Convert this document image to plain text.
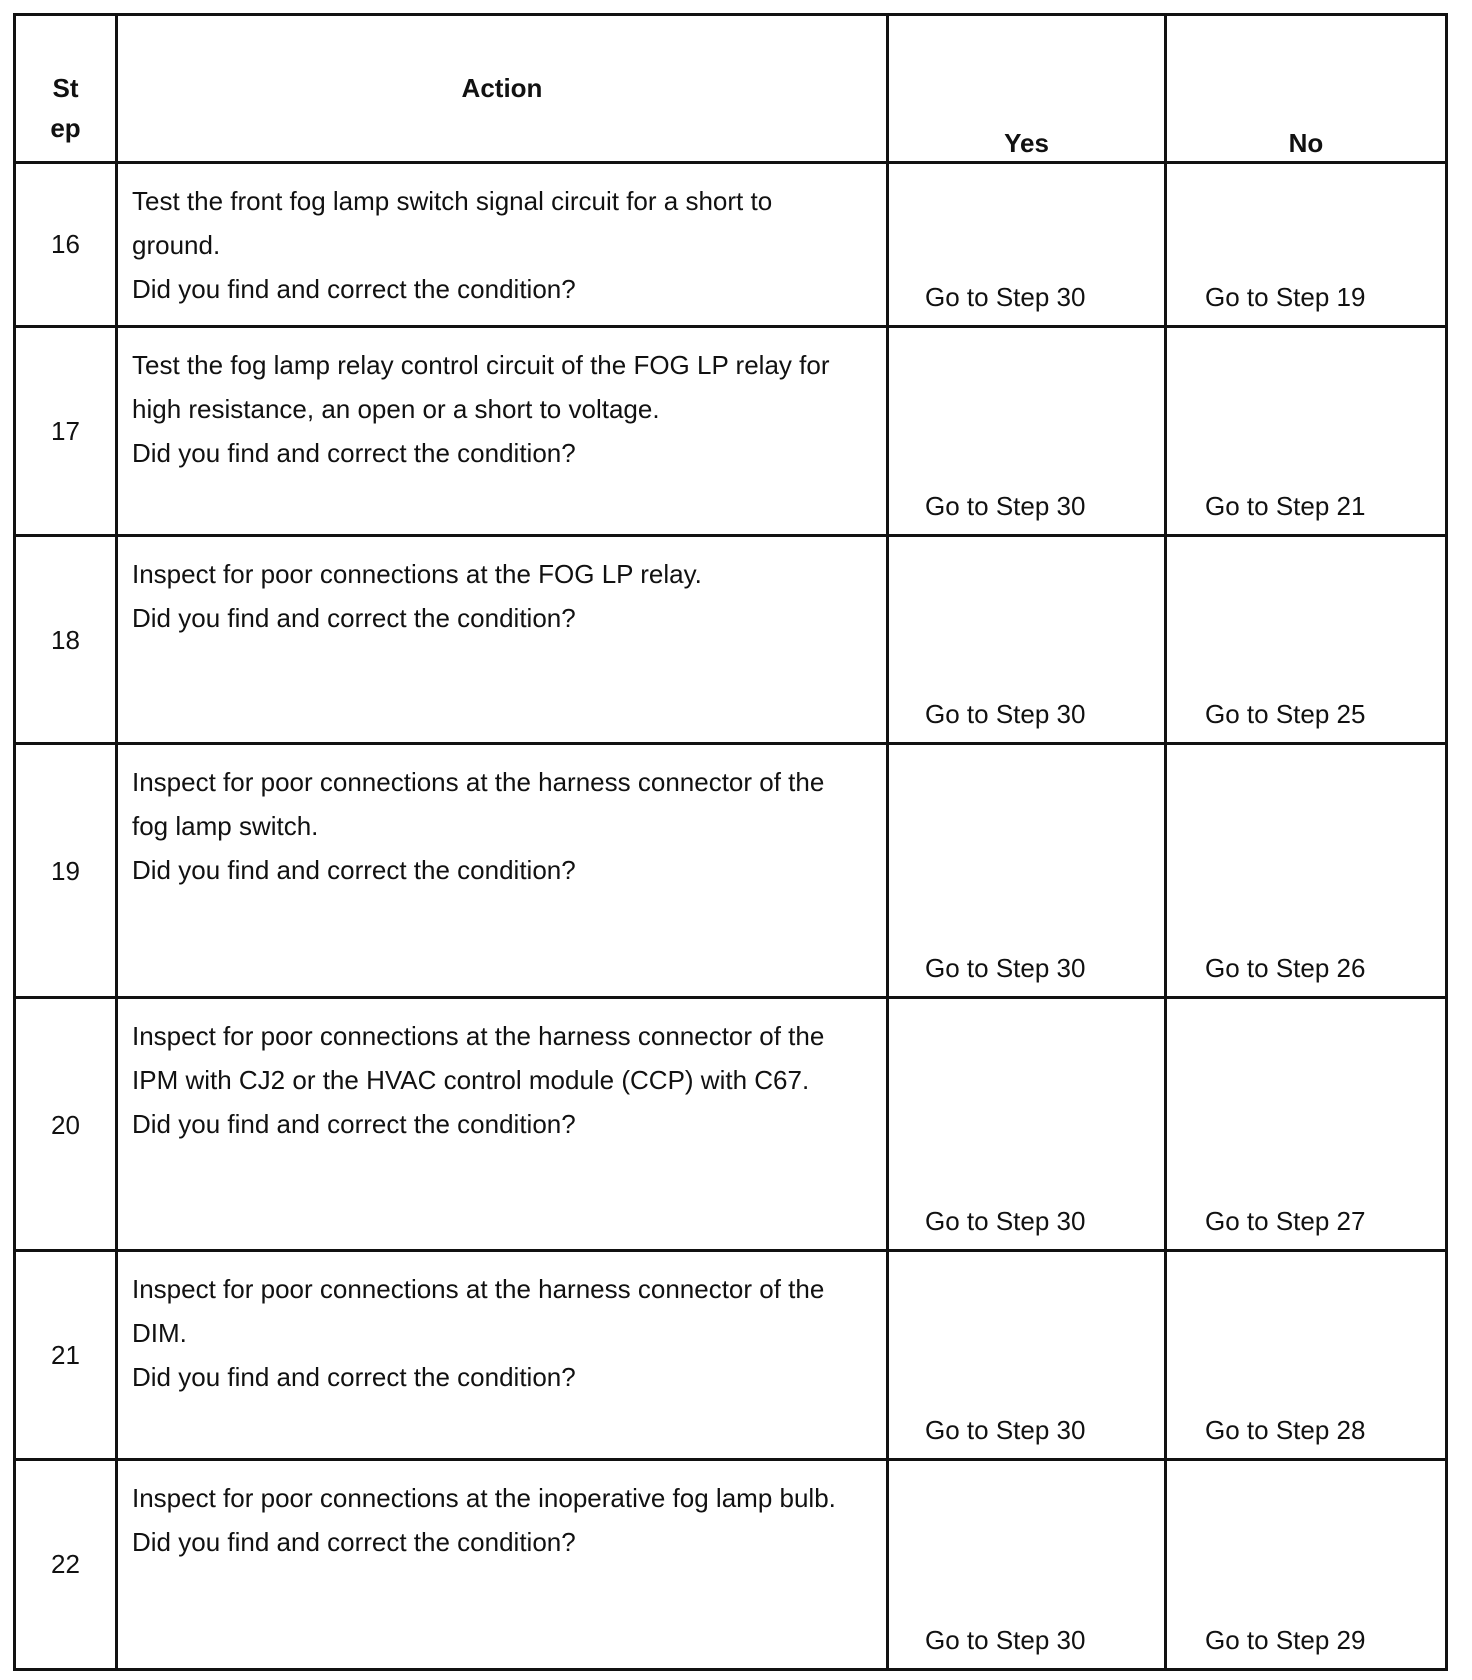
St
ep	Action	Yes	No

16	Test the front fog lamp switch signal circuit for a short to ground.
Did you find and correct the condition?	Go to Step 30	Go to Step 19

17	Test the fog lamp relay control circuit of the FOG LP relay for high resistance, an open or a short to voltage.
Did you find and correct the condition?	Go to Step 30	Go to Step 21

18	Inspect for poor connections at the FOG LP relay.
Did you find and correct the condition?	Go to Step 30	Go to Step 25

19	Inspect for poor connections at the harness connector of the fog lamp switch.
Did you find and correct the condition?	Go to Step 30	Go to Step 26

20	Inspect for poor connections at the harness connector of the IPM with CJ2 or the HVAC control module (CCP) with C67.
Did you find and correct the condition?	Go to Step 30	Go to Step 27

21	Inspect for poor connections at the harness connector of the DIM.
Did you find and correct the condition?	Go to Step 30	Go to Step 28

22	Inspect for poor connections at the inoperative fog lamp bulb.
Did you find and correct the condition?	Go to Step 30	Go to Step 29
